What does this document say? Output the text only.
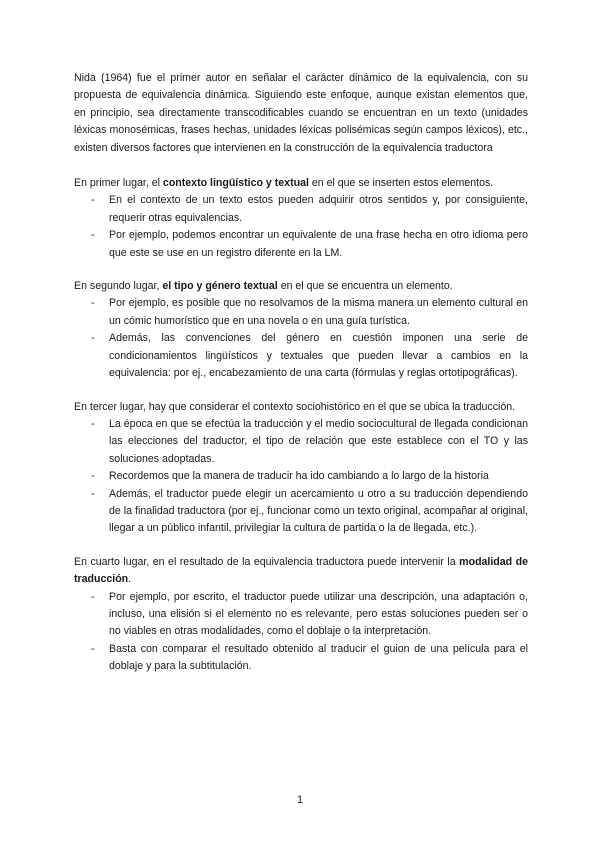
Nida (1964) fue el primer autor en señalar el carácter dinámico de la equivalencia, con su propuesta de equivalencia dinámica. Siguiendo este enfoque, aunque existan elementos que, en principio, sea directamente transcodificables cuando se encuentran en un texto (unidades léxicas monosémicas, frases hechas, unidades léxicas polisémicas según campos léxicos), etc., existen diversos factores que intervienen en la construcción de la equivalencia traductora

En primer lugar, el contexto lingüístico y textual en el que se inserten estos elementos.

- En el contexto de un texto estos pueden adquirir otros sentidos y, por consiguiente, requerir otras equivalencias.
- Por ejemplo, podemos encontrar un equivalente de una frase hecha en otro idioma pero que este se use en un registro diferente en la LM.

En segundo lugar, el tipo y género textual en el que se encuentra un elemento.

- Por ejemplo, es posible que no resolvamos de la misma manera un elemento cultural en un cómic humorístico que en una novela o en una guía turística.
- Además, las convenciones del género en cuestión imponen una serie de condicionamientos lingüísticos y textuales que pueden llevar a cambios en la equivalencia: por ej., encabezamiento de una carta (fórmulas y reglas ortotipográficas).

En tercer lugar, hay que considerar el contexto sociohistórico en el que se ubica la traducción.

- La época en que se efectúa la traducción y el medio sociocultural de llegada condicionan las elecciones del traductor, el tipo de relación que este establece con el TO y las soluciones adoptadas.
- Recordemos que la manera de traducir ha ido cambiando a lo largo de la historia
- Además, el traductor puede elegir un acercamiento u otro a su traducción dependiendo de la finalidad traductora (por ej., funcionar como un texto original, acompañar al original, llegar a un público infantil, privilegiar la cultura de partida o la de llegada, etc.).

En cuarto lugar, en el resultado de la equivalencia traductora puede intervenir la modalidad de traducción.

- Por ejemplo, por escrito, el traductor puede utilizar una descripción, una adaptación o, incluso, una elisión si el elemento no es relevante, pero estas soluciones pueden ser o no viables en otras modalidades, como el doblaje o la interpretación.
- Basta con comparar el resultado obtenido al traducir el guion de una película para el doblaje y para la subtitulación.
1
